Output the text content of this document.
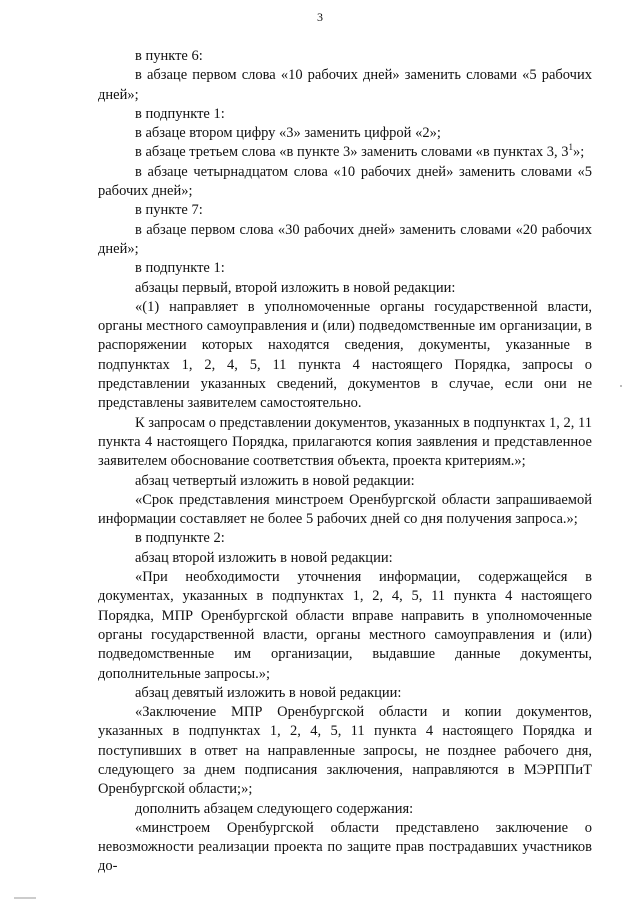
3

в пункте 6:

в абзаце первом слова «10 рабочих дней» заменить словами «5 рабочих дней»;

в подпункте 1:

в абзаце втором цифру «3» заменить цифрой «2»;

в абзаце третьем слова «в пункте 3» заменить словами «в пунктах 3, $3^1$»;

в абзаце четырнадцатом слова «10 рабочих дней» заменить словами «5 рабочих дней»;

в пункте 7:

в абзаце первом слова «30 рабочих дней» заменить словами «20 рабочих дней»;

в подпункте 1:

абзацы первый, второй изложить в новой редакции:

«(1) направляет в уполномоченные органы государственной власти, органы местного самоуправления и (или) подведомственные им организации, в распоряжении которых находятся сведения, документы, указанные в подпунктах 1, 2, 4, 5, 11 пункта 4 настоящего Порядка, запросы о представлении указанных сведений, документов в случае, если они не представлены заявителем самостоятельно.

К запросам о представлении документов, указанных в подпунктах 1, 2, 11 пункта 4 настоящего Порядка, прилагаются копия заявления и представленное заявителем обоснование соответствия объекта, проекта критериям.»;

абзац четвертый изложить в новой редакции:

«Срок представления минстроем Оренбургской области запрашиваемой информации составляет не более 5 рабочих дней со дня получения запроса.»;

в подпункте 2:

абзац второй изложить в новой редакции:

«При необходимости уточнения информации, содержащейся в документах, указанных в подпунктах 1, 2, 4, 5, 11 пункта 4 настоящего Порядка, МПР Оренбургской области вправе направить в уполномоченные органы государственной власти, органы местного самоуправления и (или) подведомственные им организации, выдавшие данные документы, дополнительные запросы.»;

абзац девятый изложить в новой редакции:

«Заключение МПР Оренбургской области и копии документов, указанных в подпунктах 1, 2, 4, 5, 11 пункта 4 настоящего Порядка и поступивших в ответ на направленные запросы, не позднее рабочего дня, следующего за днем подписания заключения, направляются в МЭРППиТ Оренбургской области;»;

дополнить абзацем следующего содержания:

«минстроем Оренбургской области представлено заключение о невозможности реализации проекта по защите прав пострадавших участников до-
